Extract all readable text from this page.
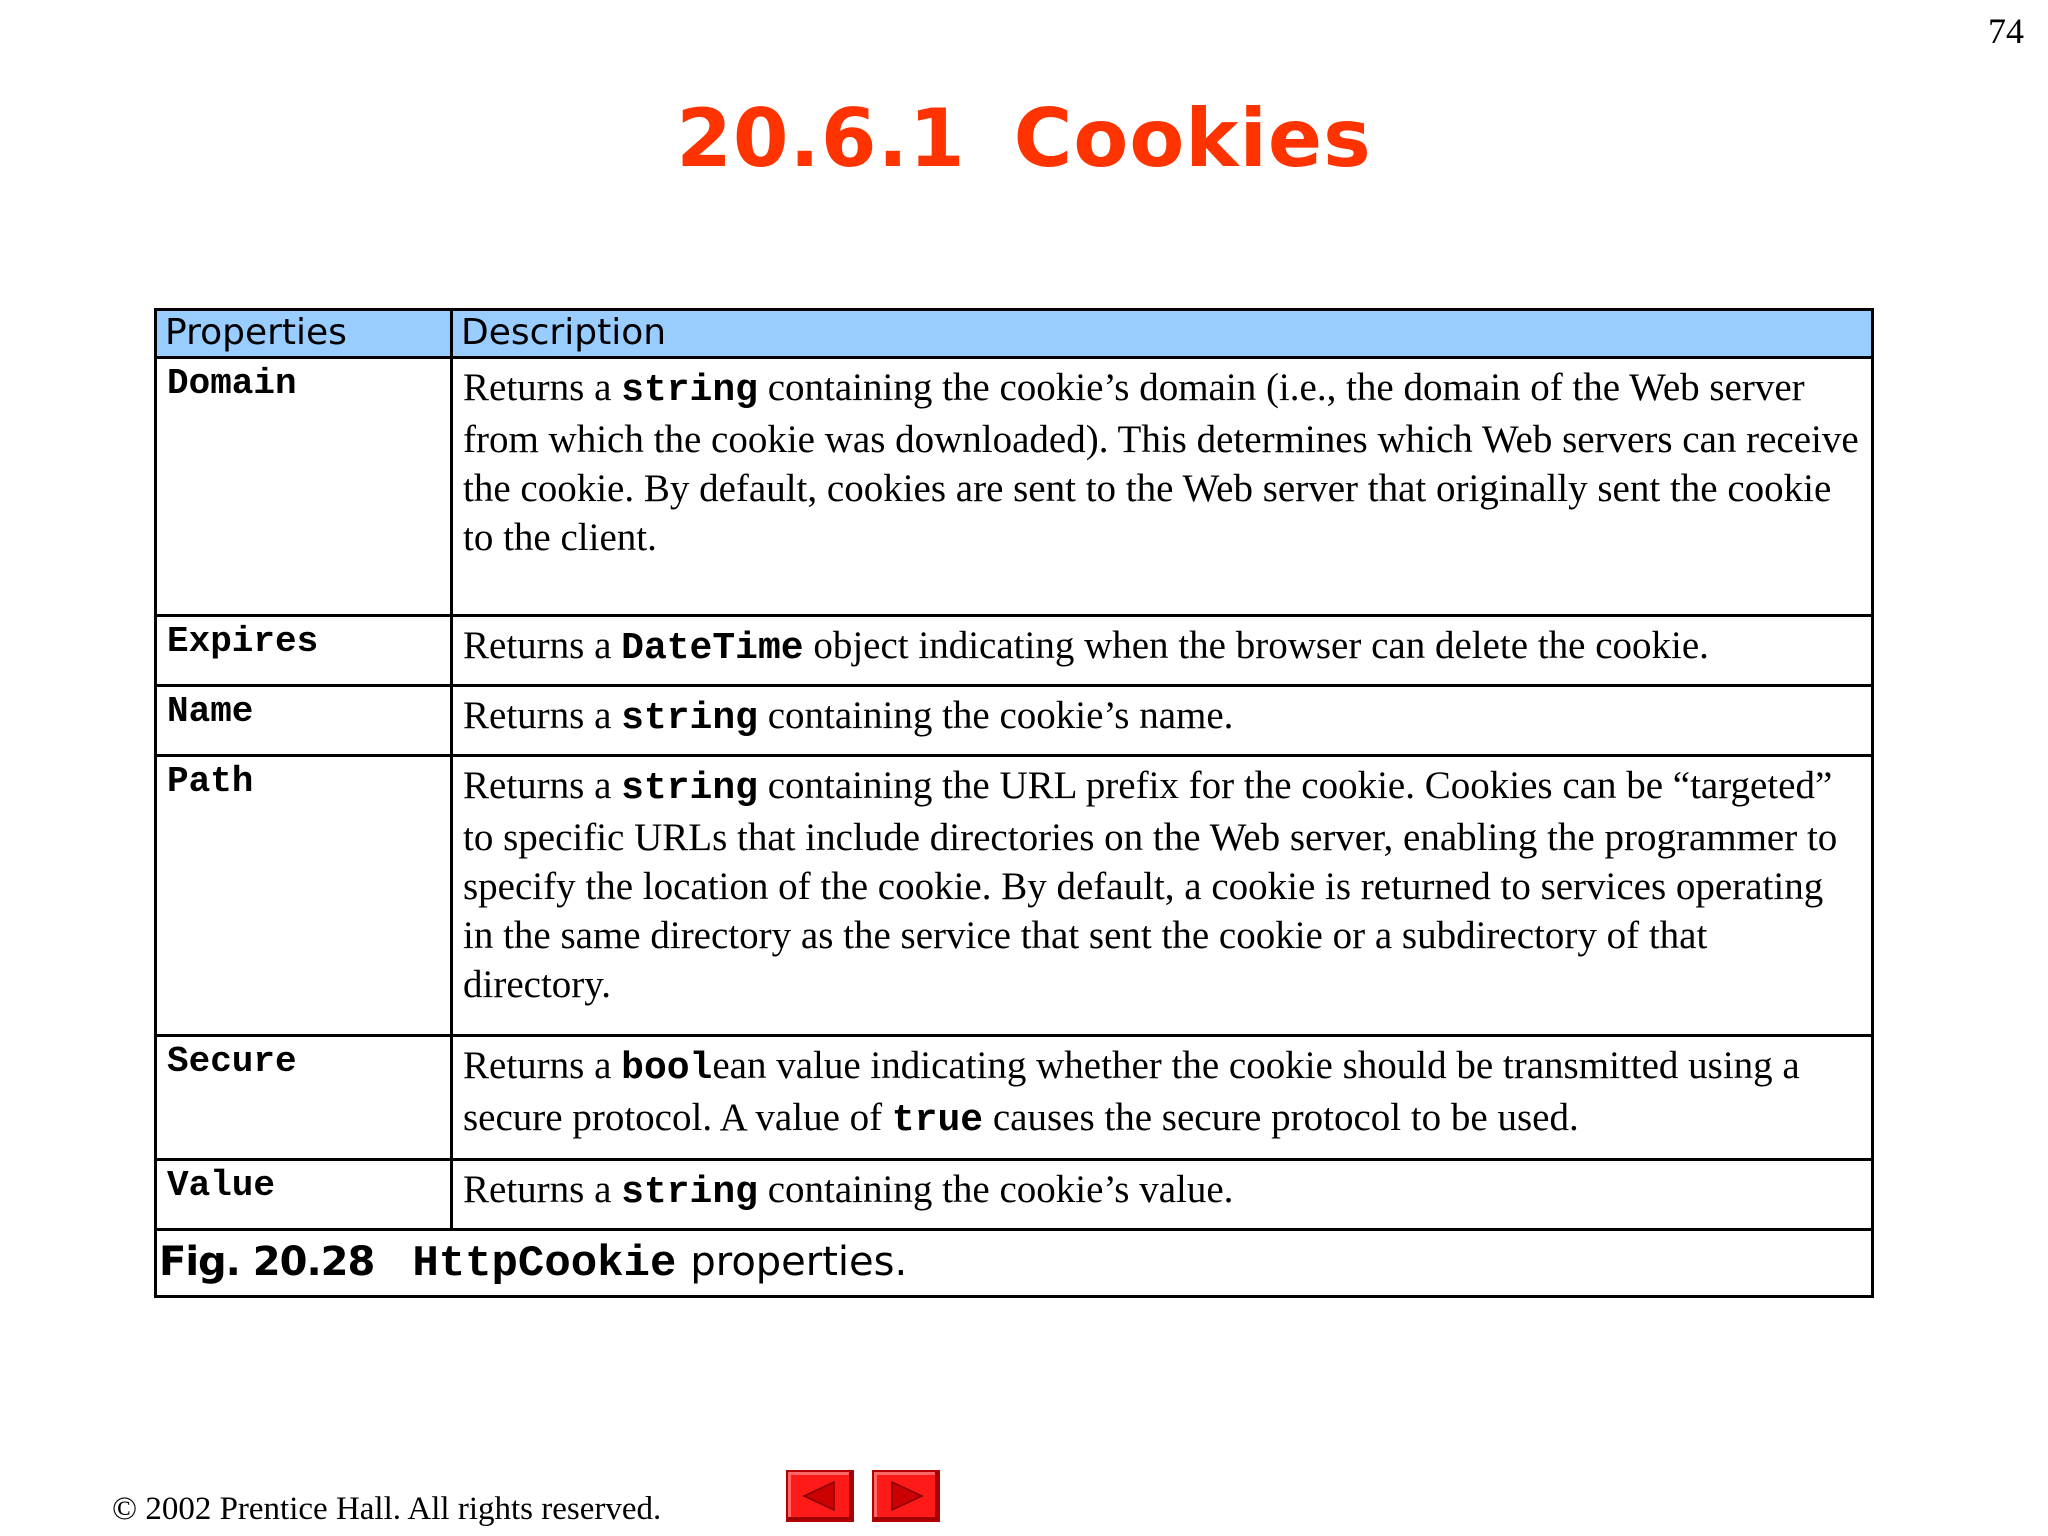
74
20.6.1 Cookies
Properties	Description
Domain	Returns a string containing the cookie’s domain (i.e., the domain of the Web server from which the cookie was downloaded). This determines which Web servers can receive the cookie. By default, cookies are sent to the Web server that originally sent the cookie to the client.
Expires	Returns a DateTime object indicating when the browser can delete the cookie.
Name	Returns a string containing the cookie’s name.
Path	Returns a string containing the URL prefix for the cookie. Cookies can be “targeted” to specific URLs that include directories on the Web server, enabling the programmer to specify the location of the cookie. By default, a cookie is returned to services operating in the same directory as the service that sent the cookie or a subdirectory of that directory.
Secure	Returns a boolean value indicating whether the cookie should be transmitted using a secure protocol. A value of true causes the secure protocol to be used.
Value	Returns a string containing the cookie’s value.
Fig. 20.28 HttpCookie properties.	
© 2002 Prentice Hall. All rights reserved.
